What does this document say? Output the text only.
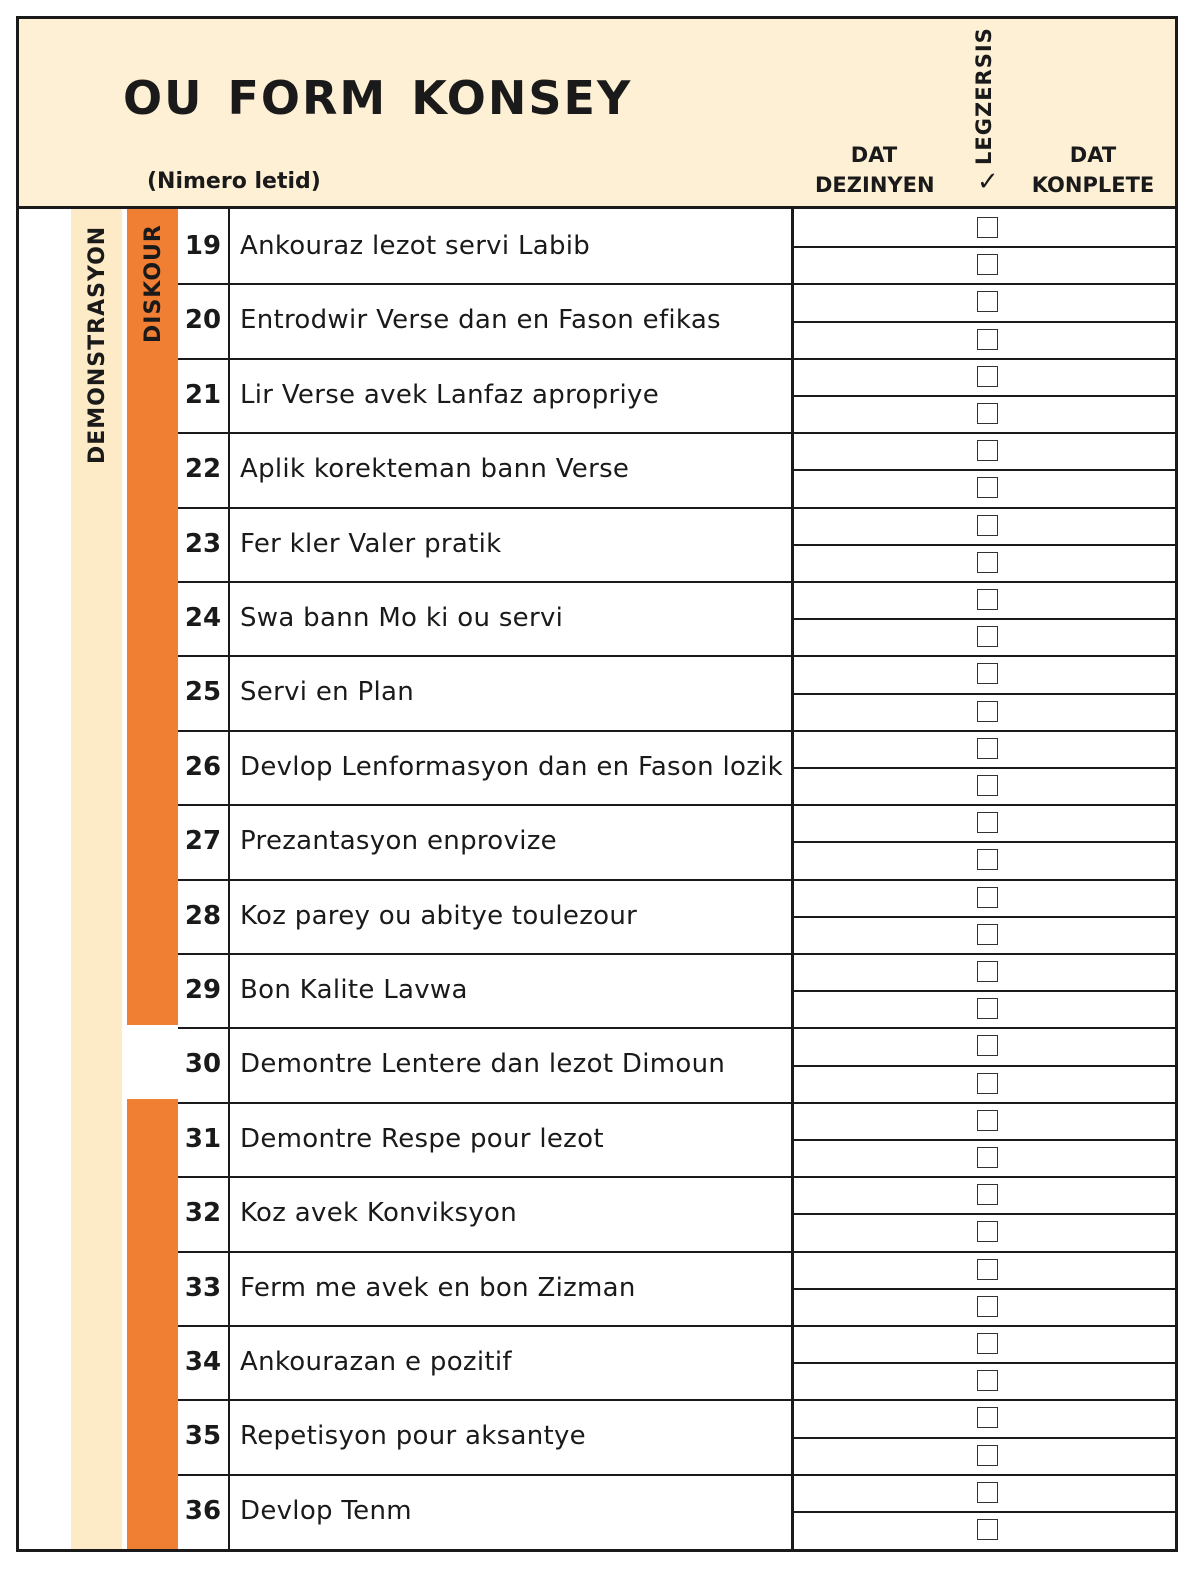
OU FORM KONSEY
(Nimero letid)
DAT
DEZINYEN
LEGZERSIS
✓
DAT
KONPLETE
DEMONSTRASYON DISKOUR 19 Ankouraz lezot servi Labib
20 Entrodwir Verse dan en Fason efikas
21 Lir Verse avek Lanfaz apropriye
22 Aplik korekteman bann Verse
23 Fer kler Valer pratik
24 Swa bann Mo ki ou servi
25 Servi en Plan
26 Devlop Lenformasyon dan en Fason lozik
27 Prezantasyon enprovize
28 Koz parey ou abitye toulezour
29 Bon Kalite Lavwa
30 Demontre Lentere dan lezot Dimoun
31 Demontre Respe pour lezot
32 Koz avek Konviksyon
33 Ferm me avek en bon Zizman
34 Ankourazan e pozitif
35 Repetisyon pour aksantye
36 Devlop Tenm
